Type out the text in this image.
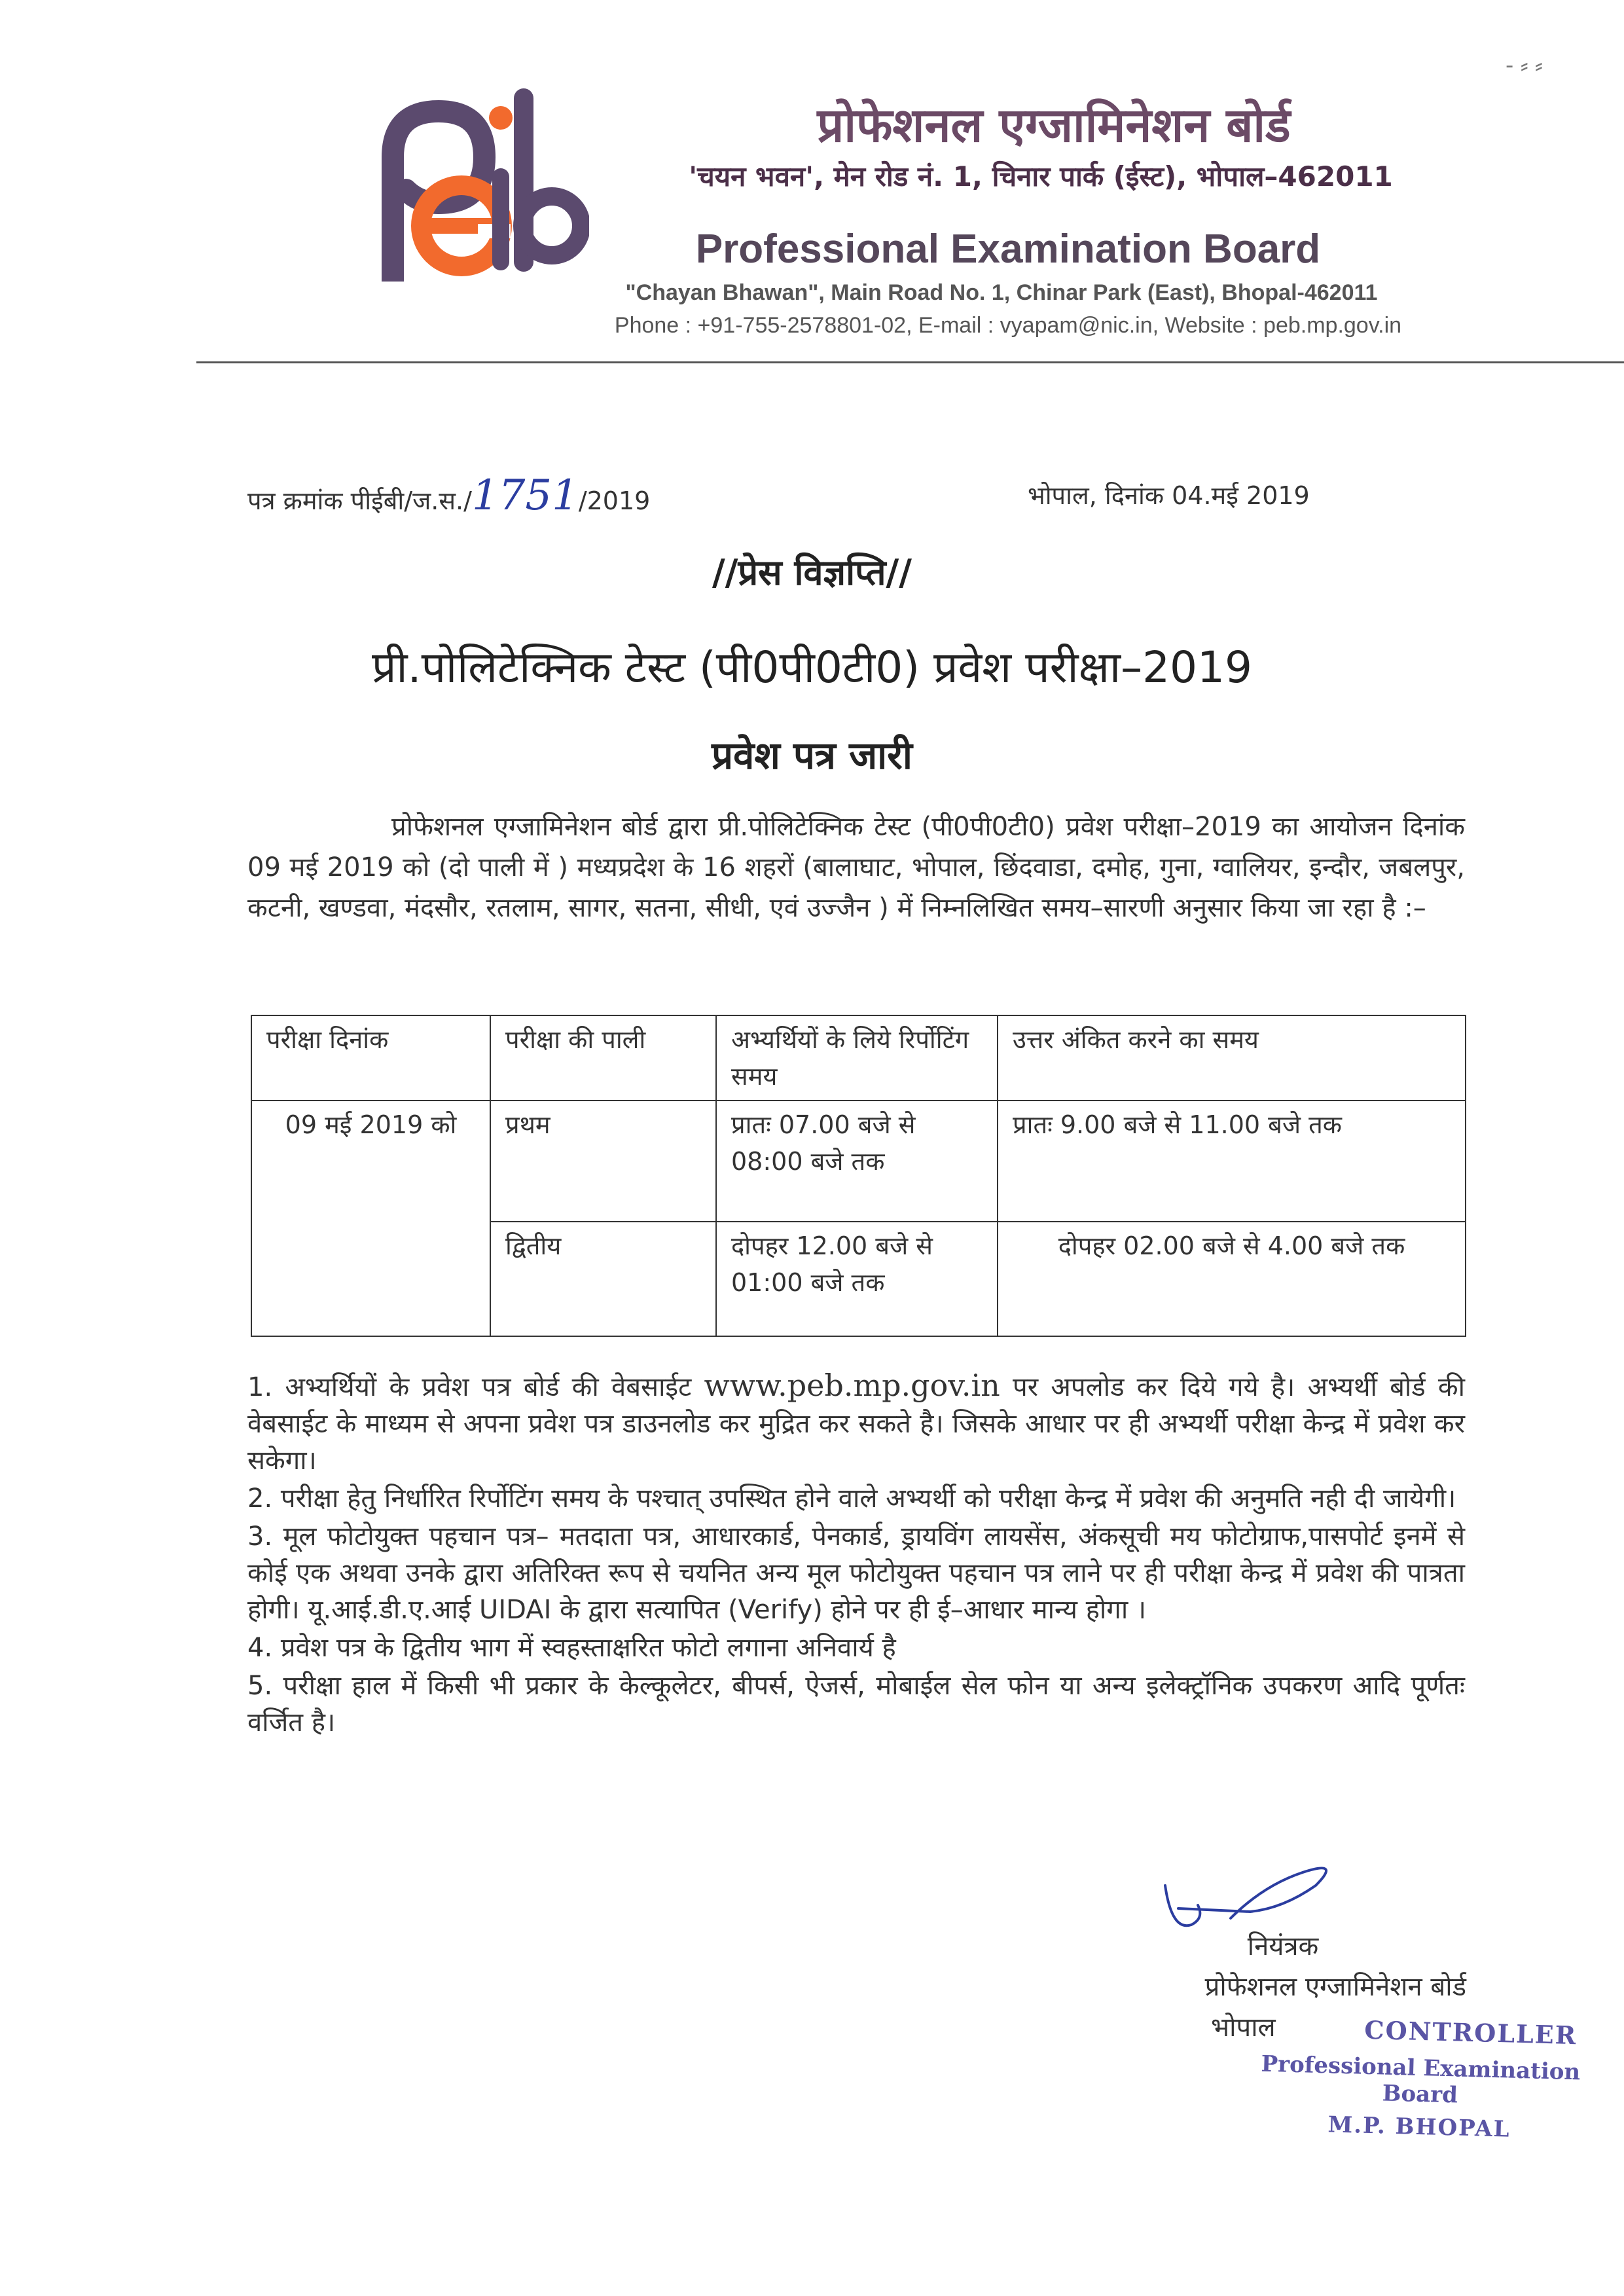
प्रोफेशनल एग्जामिनेशन बोर्ड
'चयन भवन', मेन रोड नं. 1, चिनार पार्क (ईस्ट), भोपाल–462011
Professional Examination Board
"Chayan Bhawan", Main Road No. 1, Chinar Park (East), Bhopal-462011
Phone : +91-755-2578801-02, E-mail : vyapam@nic.in, Website : peb.mp.gov.in
- ⸗ ⸗
पत्र क्रमांक पीईबी/ज.स./1751/2019	भोपाल, दिनांक 04.मई 2019
//प्रेस विज्ञप्ति//
प्री.पोलिटेक्निक टेस्ट (पी0पी0टी0) प्रवेश परीक्षा–2019
प्रवेश पत्र जारी
प्रोफेशनल एग्जामिनेशन बोर्ड द्वारा प्री.पोलिटेक्निक टेस्ट (पी0पी0टी0) प्रवेश परीक्षा–2019 का आयोजन दिनांक 09 मई 2019 को (दो पाली में ) मध्यप्रदेश के 16 शहरों (बालाघाट, भोपाल, छिंदवाडा, दमोह, गुना, ग्वालियर, इन्दौर, जबलपुर, कटनी, खण्डवा, मंदसौर, रतलाम, सागर, सतना, सीधी, एवं उज्जैन ) में निम्नलिखित समय–सारणी अनुसार किया जा रहा है :–
परीक्षा दिनांक	परीक्षा की पाली	अभ्यर्थियों के लिये रिर्पोटिंग समय	उत्तर अंकित करने का समय
09 मई 2019 को	प्रथम	प्रातः 07.00 बजे से 08:00 बजे तक	प्रातः 9.00 बजे से 11.00 बजे तक
	द्वितीय	दोपहर 12.00 बजे से 01:00 बजे तक	दोपहर 02.00 बजे से 4.00 बजे तक

1. अभ्यर्थियों के प्रवेश पत्र बोर्ड की वेबसाईट www.peb.mp.gov.in पर अपलोड कर दिये गये है। अभ्यर्थी बोर्ड की वेबसाईट के माध्यम से अपना प्रवेश पत्र डाउनलोड कर मुद्रित कर सकते है। जिसके आधार पर ही अभ्यर्थी परीक्षा केन्द्र में प्रवेश कर सकेगा।

2. परीक्षा हेतु निर्धारित रिर्पोटिंग समय के पश्चात् उपस्थित होने वाले अभ्यर्थी को परीक्षा केन्द्र में प्रवेश की अनुमति नही दी जायेगी।

3. मूल फोटोयुक्त पहचान पत्र– मतदाता पत्र, आधारकार्ड, पेनकार्ड, ड्रायविंग लायसेंस, अंकसूची मय फोटोग्राफ,पासपोर्ट इनमें से कोई एक अथवा उनके द्वारा अतिरिक्त रूप से चयनित अन्य मूल फोटोयुक्त पहचान पत्र लाने पर ही परीक्षा केन्द्र में प्रवेश की पात्रता होगी। यू.आई.डी.ए.आई UIDAI के द्वारा सत्यापित (Verify) होने पर ही ई–आधार मान्य होगा ।

4. प्रवेश पत्र के द्वितीय भाग में स्वहस्ताक्षरित फोटो लगाना अनिवार्य है

5. परीक्षा हाल में किसी भी प्रकार के केल्कूलेटर, बीपर्स, ऐजर्स, मोबाईल सेल फोन या अन्य इलेक्ट्रॉनिक उपकरण आदि पूर्णतः वर्जित है।

नियंत्रक
प्रोफेशनल एग्जामिनेशन बोर्ड
भोपाल	CONTROLLER
Professional Examination Board
M.P. BHOPAL
